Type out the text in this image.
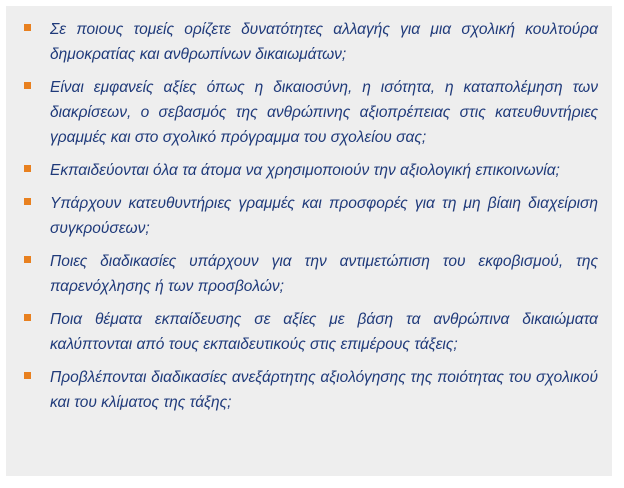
Σε ποιους τομείς ορίζετε δυνατότητες αλλαγής για μια σχολική κουλτούρα δημοκρατίας και ανθρωπίνων δικαιωμάτων;
Είναι εμφανείς αξίες όπως η δικαιοσύνη, η ισότητα, η καταπολέμηση των διακρίσεων, ο σεβασμός της ανθρώπινης αξιοπρέπειας στις κατευθυντήριες γραμμές και στο σχολικό πρόγραμμα του σχολείου σας;
Εκπαιδεύονται όλα τα άτομα να χρησιμοποιούν την αξιολογική επικοινωνία;
Υπάρχουν κατευθυντήριες γραμμές και προσφορές για τη μη βίαιη διαχείριση συγκρούσεων;
Ποιες διαδικασίες υπάρχουν για την αντιμετώπιση του εκφοβισμού, της παρενόχλησης ή των προσβολών;
Ποια θέματα εκπαίδευσης σε αξίες με βάση τα ανθρώπινα δικαιώματα καλύπτονται από τους εκπαιδευτικούς στις επιμέρους τάξεις;
Προβλέπονται διαδικασίες ανεξάρτητης αξιολόγησης της ποιότητας του σχολικού και του κλίματος της τάξης;
